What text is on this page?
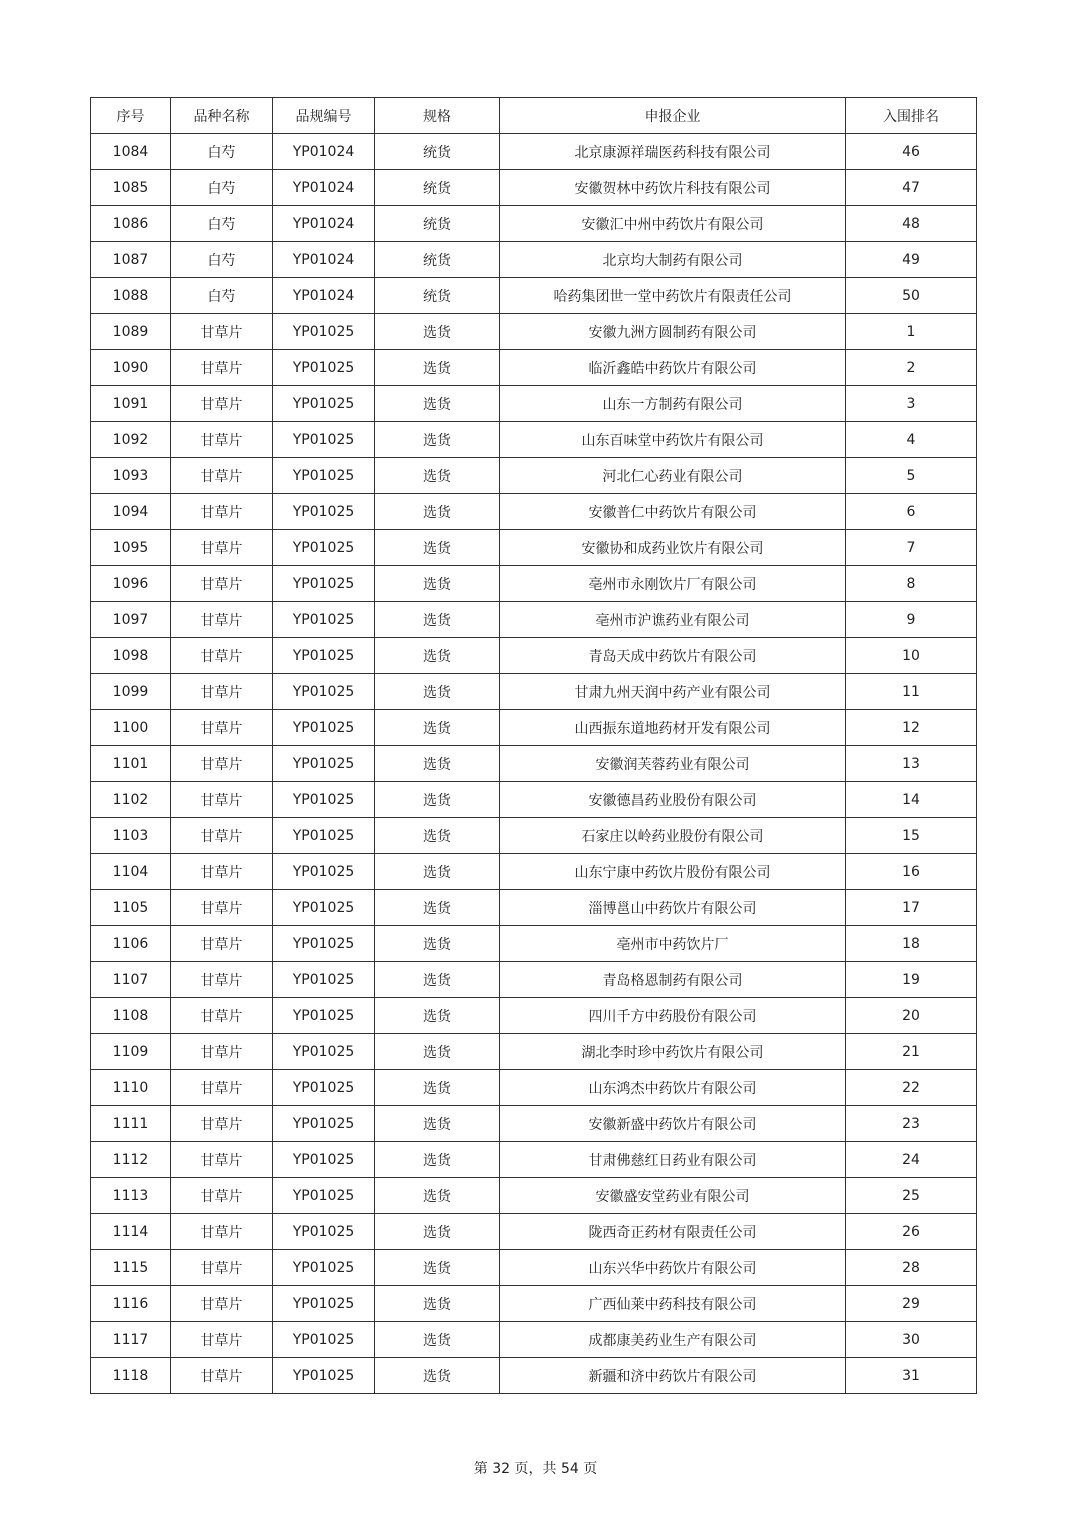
序号	品种名称	品规编号	规格	申报企业	入围排名
1084	白芍	YP01024	统货	北京康源祥瑞医药科技有限公司	46
1085	白芍	YP01024	统货	安徽贺林中药饮片科技有限公司	47
1086	白芍	YP01024	统货	安徽汇中州中药饮片有限公司	48
1087	白芍	YP01024	统货	北京均大制药有限公司	49
1088	白芍	YP01024	统货	哈药集团世一堂中药饮片有限责任公司	50
1089	甘草片	YP01025	选货	安徽九洲方圆制药有限公司	1
1090	甘草片	YP01025	选货	临沂鑫皓中药饮片有限公司	2
1091	甘草片	YP01025	选货	山东一方制药有限公司	3
1092	甘草片	YP01025	选货	山东百味堂中药饮片有限公司	4
1093	甘草片	YP01025	选货	河北仁心药业有限公司	5
1094	甘草片	YP01025	选货	安徽普仁中药饮片有限公司	6
1095	甘草片	YP01025	选货	安徽协和成药业饮片有限公司	7
1096	甘草片	YP01025	选货	亳州市永刚饮片厂有限公司	8
1097	甘草片	YP01025	选货	亳州市沪谯药业有限公司	9
1098	甘草片	YP01025	选货	青岛天成中药饮片有限公司	10
1099	甘草片	YP01025	选货	甘肃九州天润中药产业有限公司	11
1100	甘草片	YP01025	选货	山西振东道地药材开发有限公司	12
1101	甘草片	YP01025	选货	安徽润芙蓉药业有限公司	13
1102	甘草片	YP01025	选货	安徽德昌药业股份有限公司	14
1103	甘草片	YP01025	选货	石家庄以岭药业股份有限公司	15
1104	甘草片	YP01025	选货	山东宁康中药饮片股份有限公司	16
1105	甘草片	YP01025	选货	淄博邕山中药饮片有限公司	17
1106	甘草片	YP01025	选货	亳州市中药饮片厂	18
1107	甘草片	YP01025	选货	青岛格恩制药有限公司	19
1108	甘草片	YP01025	选货	四川千方中药股份有限公司	20
1109	甘草片	YP01025	选货	湖北李时珍中药饮片有限公司	21
1110	甘草片	YP01025	选货	山东鸿杰中药饮片有限公司	22
1111	甘草片	YP01025	选货	安徽新盛中药饮片有限公司	23
1112	甘草片	YP01025	选货	甘肃佛慈红日药业有限公司	24
1113	甘草片	YP01025	选货	安徽盛安堂药业有限公司	25
1114	甘草片	YP01025	选货	陇西奇正药材有限责任公司	26
1115	甘草片	YP01025	选货	山东兴华中药饮片有限公司	28
1116	甘草片	YP01025	选货	广西仙莱中药科技有限公司	29
1117	甘草片	YP01025	选货	成都康美药业生产有限公司	30
1118	甘草片	YP01025	选货	新疆和济中药饮片有限公司	31
第 32 页，共 54 页
